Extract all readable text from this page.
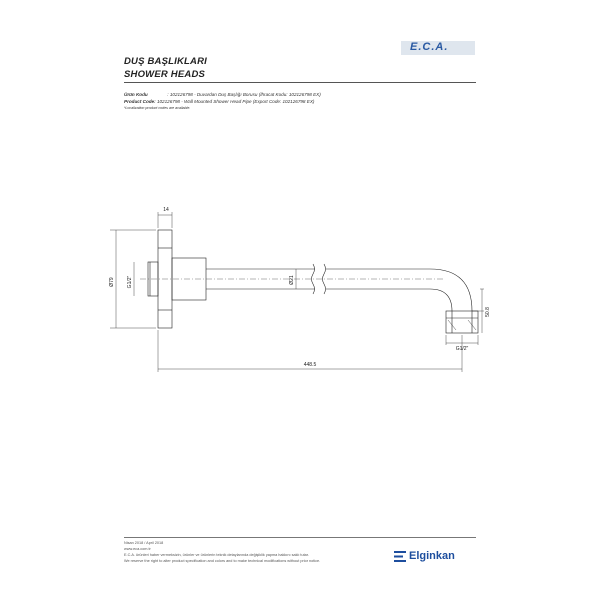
E.C.A.
DUŞ BAŞLIKLARI
SHOWER HEADS
Ürün Kodu	: 102126798 - Duvardan Duş Başlığı Borusu (İhracat Kodu: 102126798 EX)
Product Code: 102126798 - Wall Mounted Shower Head Pipe (Export Code: 102126798 EX)
*Localization product codes are available.
14
Ø79 G1/2"	Ø21
50.8
G1/2"
448.5
Nisan 2018 / April 2018
www.eca.com.tr
E.C.A. ürünleri haber vermeksizin, ürünler ve ürünlerin teknik detaylarında değişiklik yapma hakkını saklı tutar.
We reserve the right to alter product specification and colors and to make technical modifications without prior notice.	Elginkan
